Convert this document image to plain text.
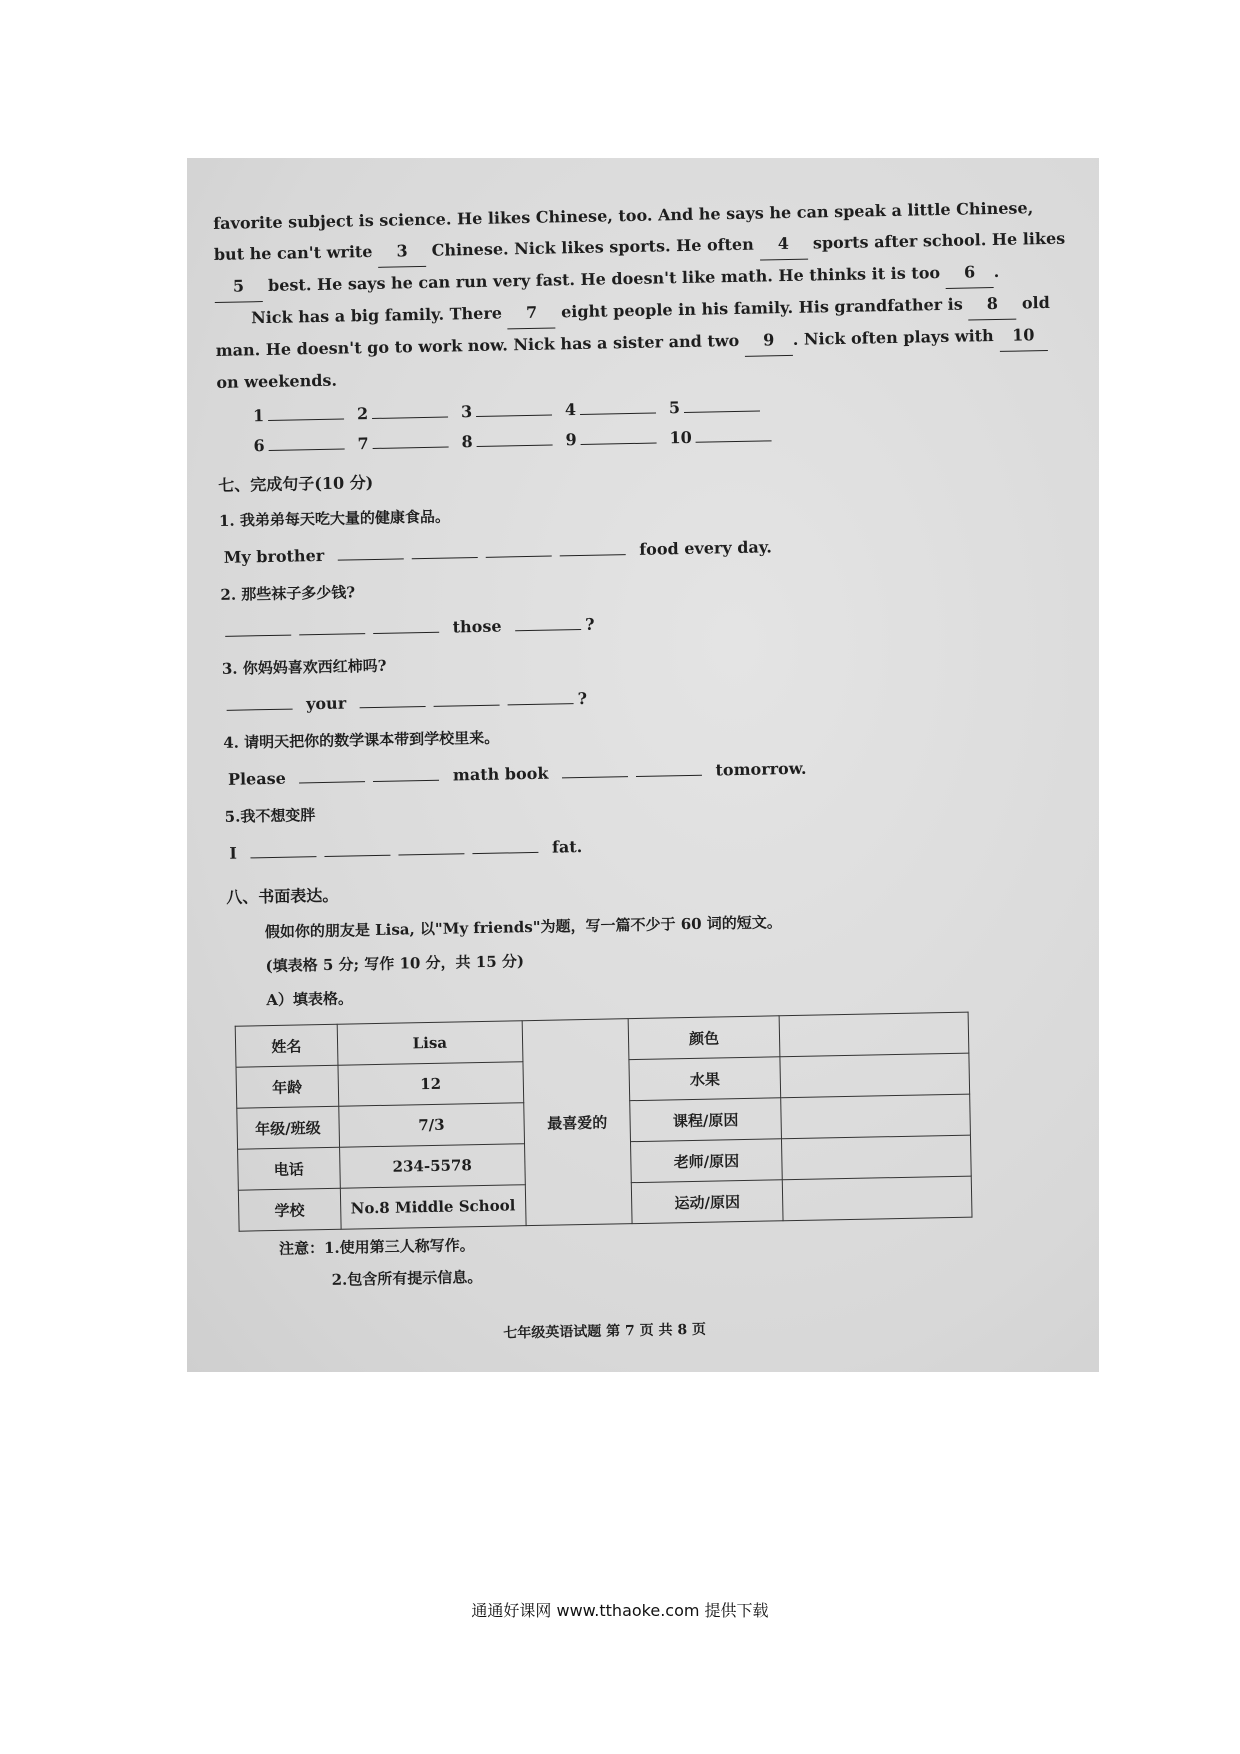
favorite subject is science. He likes Chinese, too. And he says he can speak a little Chinese,
but he can't write 3 Chinese. Nick likes sports. He often 4 sports after school. He likes
5 best. He says he can run very fast. He doesn't like math. He thinks it is too 6 .
Nick has a big family. There 7 eight people in his family. His grandfather is 8 old
man. He doesn't go to work now. Nick has a sister and two 9 . Nick often plays with 10
on weekends.
1	2	3	4	5
6	7	8	9	10
七、完成句子(10 分)
1. 我弟弟每天吃大量的健康食品。
My brother	food every day.
2. 那些袜子多少钱?
those	?
3. 你妈妈喜欢西红柿吗?
your	?
4. 请明天把你的数学课本带到学校里来。
Please	math book	tomorrow.
5.我不想变胖
I	fat.
八、书面表达。
假如你的朋友是 Lisa, 以"My friends"为题，写一篇不少于 60 词的短文。
(填表格 5 分; 写作 10 分，共 15 分)
A）填表格。
姓名	Lisa	最喜爱的	颜色	
年龄	12		水果	
年级/班级	7/3		课程/原因	
电话	234-5578		老师/原因	
学校	No.8 Middle School		运动/原因	
注意：1.使用第三人称写作。
2.包含所有提示信息。
七年级英语试题 第 7 页 共 8 页
通通好课网 www.tthaoke.com 提供下载
